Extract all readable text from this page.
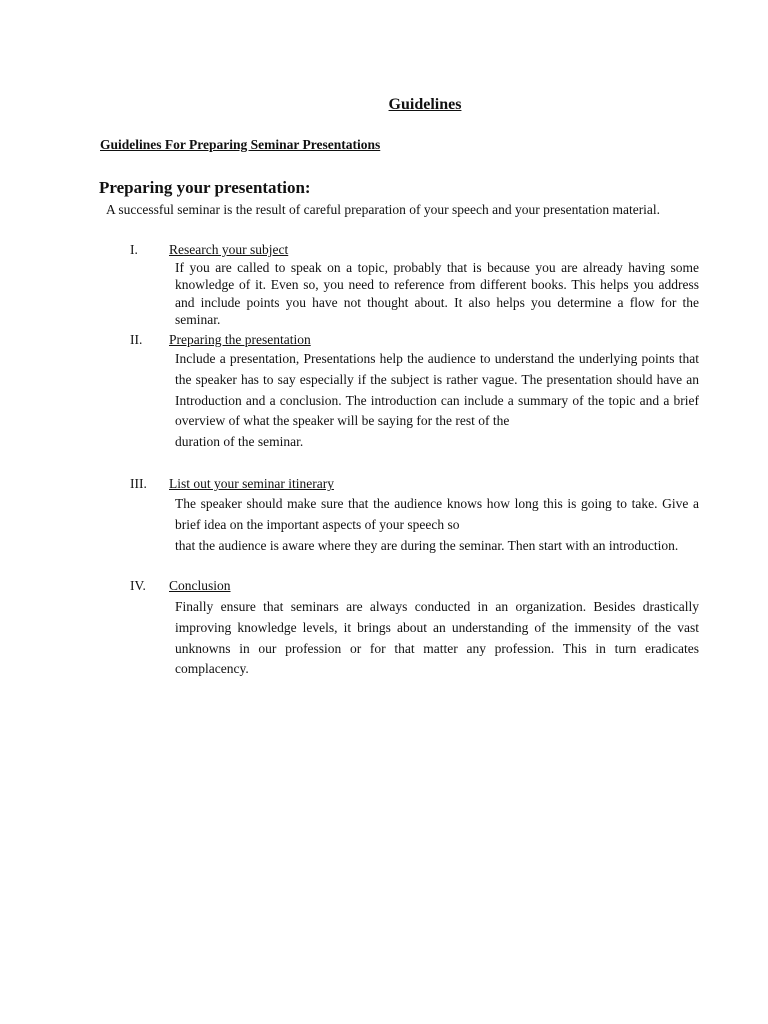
Guidelines
Guidelines For Preparing Seminar Presentations
Preparing your presentation:

A successful seminar is the result of careful preparation of your speech and your presentation material.

I. Research your subject

If you are called to speak on a topic, probably that is because you are already having some knowledge of it. Even so, you need to reference from different books. This helps you address and include points you have not thought about. It also helps you determine a flow for the seminar.

II. Preparing the presentation

Include a presentation, Presentations help the audience to understand the underlying points that the speaker has to say especially if the subject is rather vague. The presentation should have an Introduction and a conclusion. The introduction can include a summary of the topic and a brief overview of what the speaker will be saying for the rest of the
duration of the seminar.

III. List out your seminar itinerary

The speaker should make sure that the audience knows how long this is going to take. Give a brief idea on the important aspects of your speech so
that the audience is aware where they are during the seminar. Then start with an introduction.

IV. Conclusion

Finally ensure that seminars are always conducted in an organization. Besides drastically improving knowledge levels, it brings about an understanding of the immensity of the vast unknowns in our profession or for that matter any profession. This in turn eradicates complacency.
